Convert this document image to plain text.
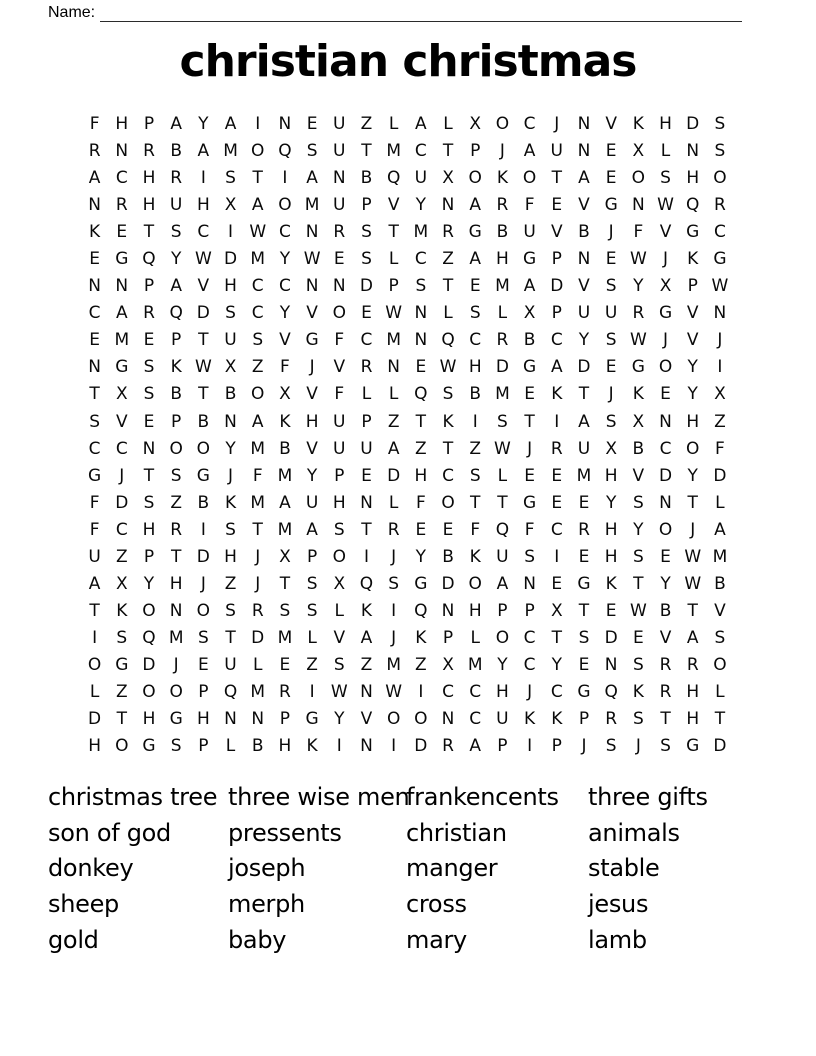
Name:
christian christmas
F H P A Y A	I	N E U Z L A L X O C	J	N V K H D S
R N R B A M O Q S U T M C T P	J	A U N E X L N S
A C H R	I	S T	I	A N B Q U X O K O T A E O S H O
N R H U H X A O M U P V Y N A R F E V G N W Q R
K E T S C	I W C N R S T M R G B U V B	J	F V G C
E G Q Y W D M Y W E S	L C Z A H G P N E W J	K G
N N P A V H C C N N D P S T E M A D V S Y X P W
C A R Q D S C Y V O E W N L	S	L X P U U R G V N
E M E P T U S V G F C M N Q C R B C Y S W J	V	J
N G S K W X Z F	J	V R N E W H D G A D E G O Y	I
T X S B T B O X V F	L	L Q S B M E K T	J	K E Y X
S V E P B N A K H U P Z T K	I	S T	I	A S X N H Z
C C N O O Y M B V U U A Z T Z W J	R U X B C O F
G	J	T S G	J	F M Y P E D H C S	L	E E M H V D Y D
F D S Z B K M A U H N L	F O T T G E E Y S N T	L
F C H R	I	S T M A S T R E E F Q F C R H Y O	J	A
U Z P T D H	J	X P O	I	J	Y B K U S	I	E H S E W M
A X Y H	J	Z	J	T S X Q S G D O A N E G K T Y W B
T K O N O S R S S	L K	I	Q N H P P X T E W B T V
I	S Q M S T D M L V A	J	K P	L O C T S D E V A S
O G D	J	E U L	E Z S Z M Z X M Y C Y E N S R R O
L Z O O P Q M R	I W N W I	C C H	J	C G Q K R H L
D T H G H N N P G Y V O O N C U K K P R S T H T
H O G S P	L B H K	I	N	I	D R A P	I	P	J	S	J	S G D
christmas tree
son of god
donkey
sheep
gold
three wise men
pressents
joseph
merph
baby
frankencents
christian
manger
cross
mary
three gifts
animals
stable
jesus
lamb
